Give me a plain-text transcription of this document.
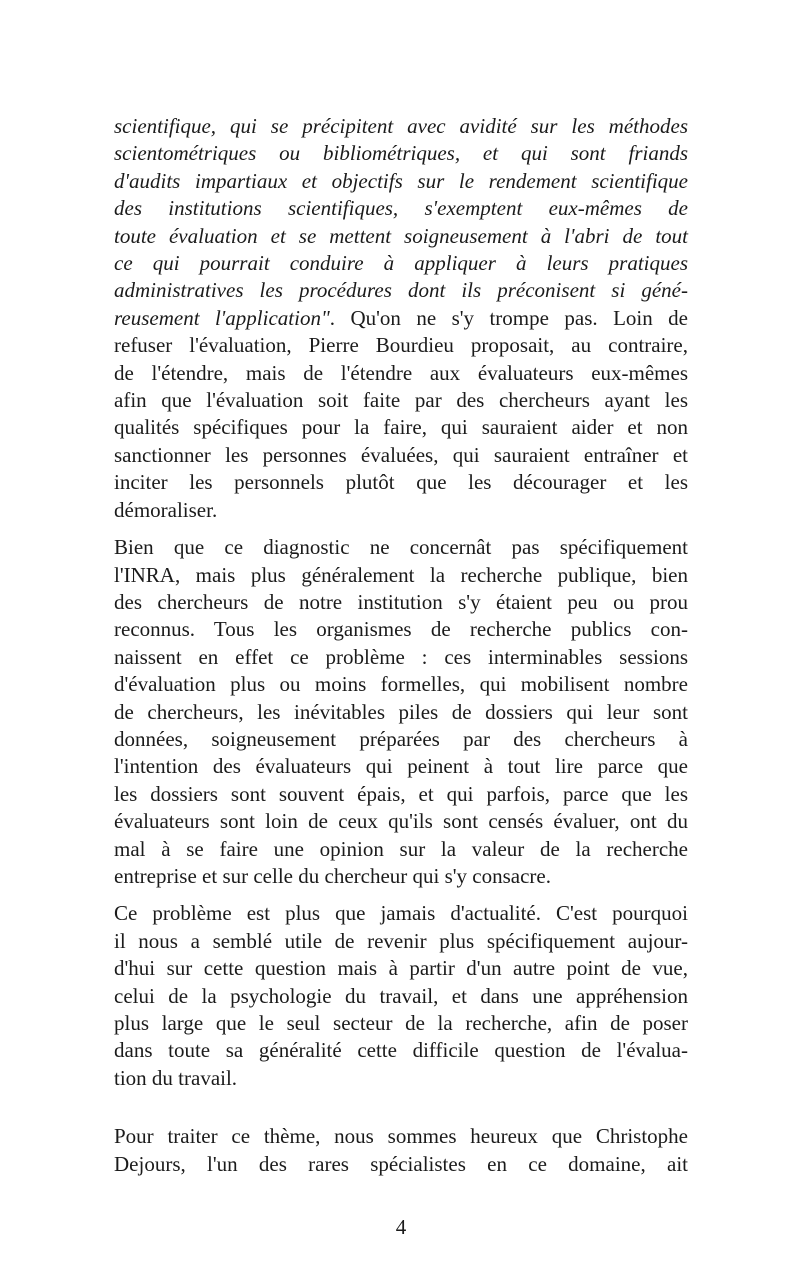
scientifique, qui se précipitent avec avidité sur les méthodes
scientométriques ou bibliométriques, et qui sont friands
d'audits impartiaux et objectifs sur le rendement scientifique
des institutions scientifiques, s'exemptent eux-mêmes de
toute évaluation et se mettent soigneusement à l'abri de tout
ce qui pourrait conduire à appliquer à leurs pratiques
administratives les procédures dont ils préconisent si géné-
reusement l'application". Qu'on ne s'y trompe pas. Loin de
refuser l'évaluation, Pierre Bourdieu proposait, au contraire,
de l'étendre, mais de l'étendre aux évaluateurs eux-mêmes
afin que l'évaluation soit faite par des chercheurs ayant les
qualités spécifiques pour la faire, qui sauraient aider et non
sanctionner les personnes évaluées, qui sauraient entraîner et
inciter les personnels plutôt que les décourager et les
démoraliser.
Bien que ce diagnostic ne concernât pas spécifiquement
l'INRA, mais plus généralement la recherche publique, bien
des chercheurs de notre institution s'y étaient peu ou prou
reconnus. Tous les organismes de recherche publics con-
naissent en effet ce problème : ces interminables sessions
d'évaluation plus ou moins formelles, qui mobilisent nombre
de chercheurs, les inévitables piles de dossiers qui leur sont
données, soigneusement préparées par des chercheurs à
l'intention des évaluateurs qui peinent à tout lire parce que
les dossiers sont souvent épais, et qui parfois, parce que les
évaluateurs sont loin de ceux qu'ils sont censés évaluer, ont du
mal à se faire une opinion sur la valeur de la recherche
entreprise et sur celle du chercheur qui s'y consacre.
Ce problème est plus que jamais d'actualité. C'est pourquoi
il nous a semblé utile de revenir plus spécifiquement aujour-
d'hui sur cette question mais à partir d'un autre point de vue,
celui de la psychologie du travail, et dans une appréhension
plus large que le seul secteur de la recherche, afin de poser
dans toute sa généralité cette difficile question de l'évalua-
tion du travail.
Pour traiter ce thème, nous sommes heureux que Christophe
Dejours, l'un des rares spécialistes en ce domaine, ait
4
